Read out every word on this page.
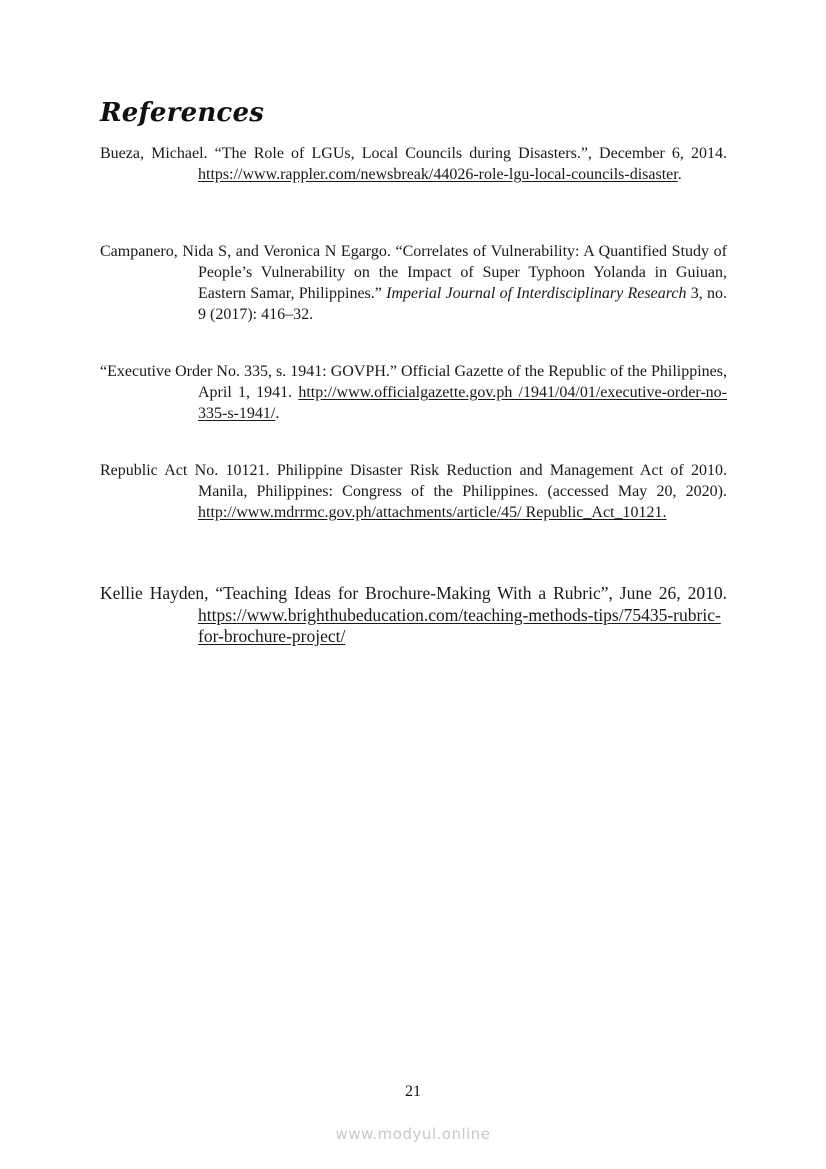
References

Bueza, Michael. “The Role of LGUs, Local Councils during Disasters.”, December 6, 2014. https://www.rappler.com/newsbreak/44026-role-lgu-local-councils-disaster.

Campanero, Nida S, and Veronica N Egargo. “Correlates of Vulnerability: A Quantified Study of People’s Vulnerability on the Impact of Super Typhoon Yolanda in Guiuan, Eastern Samar, Philippines.” Imperial Journal of Interdisciplinary Research 3, no. 9 (2017): 416–32.

“Executive Order No. 335, s. 1941: GOVPH.” Official Gazette of the Republic of the Philippines, April 1, 1941. http://www.officialgazette.gov.ph /1941/04/01/executive-order-no-335-s-1941/.

Republic Act No. 10121. Philippine Disaster Risk Reduction and Management Act of 2010. Manila, Philippines: Congress of the Philippines. (accessed May 20, 2020). http://www.mdrrmc.gov.ph/attachments/article/45/ Republic_Act_10121.

Kellie Hayden, “Teaching Ideas for Brochure-Making With a Rubric”, June 26, 2010. https://www.brighthubeducation.com/teaching-methods-tips/75435-rubric-for-brochure-project/

21
www.modyul.online
